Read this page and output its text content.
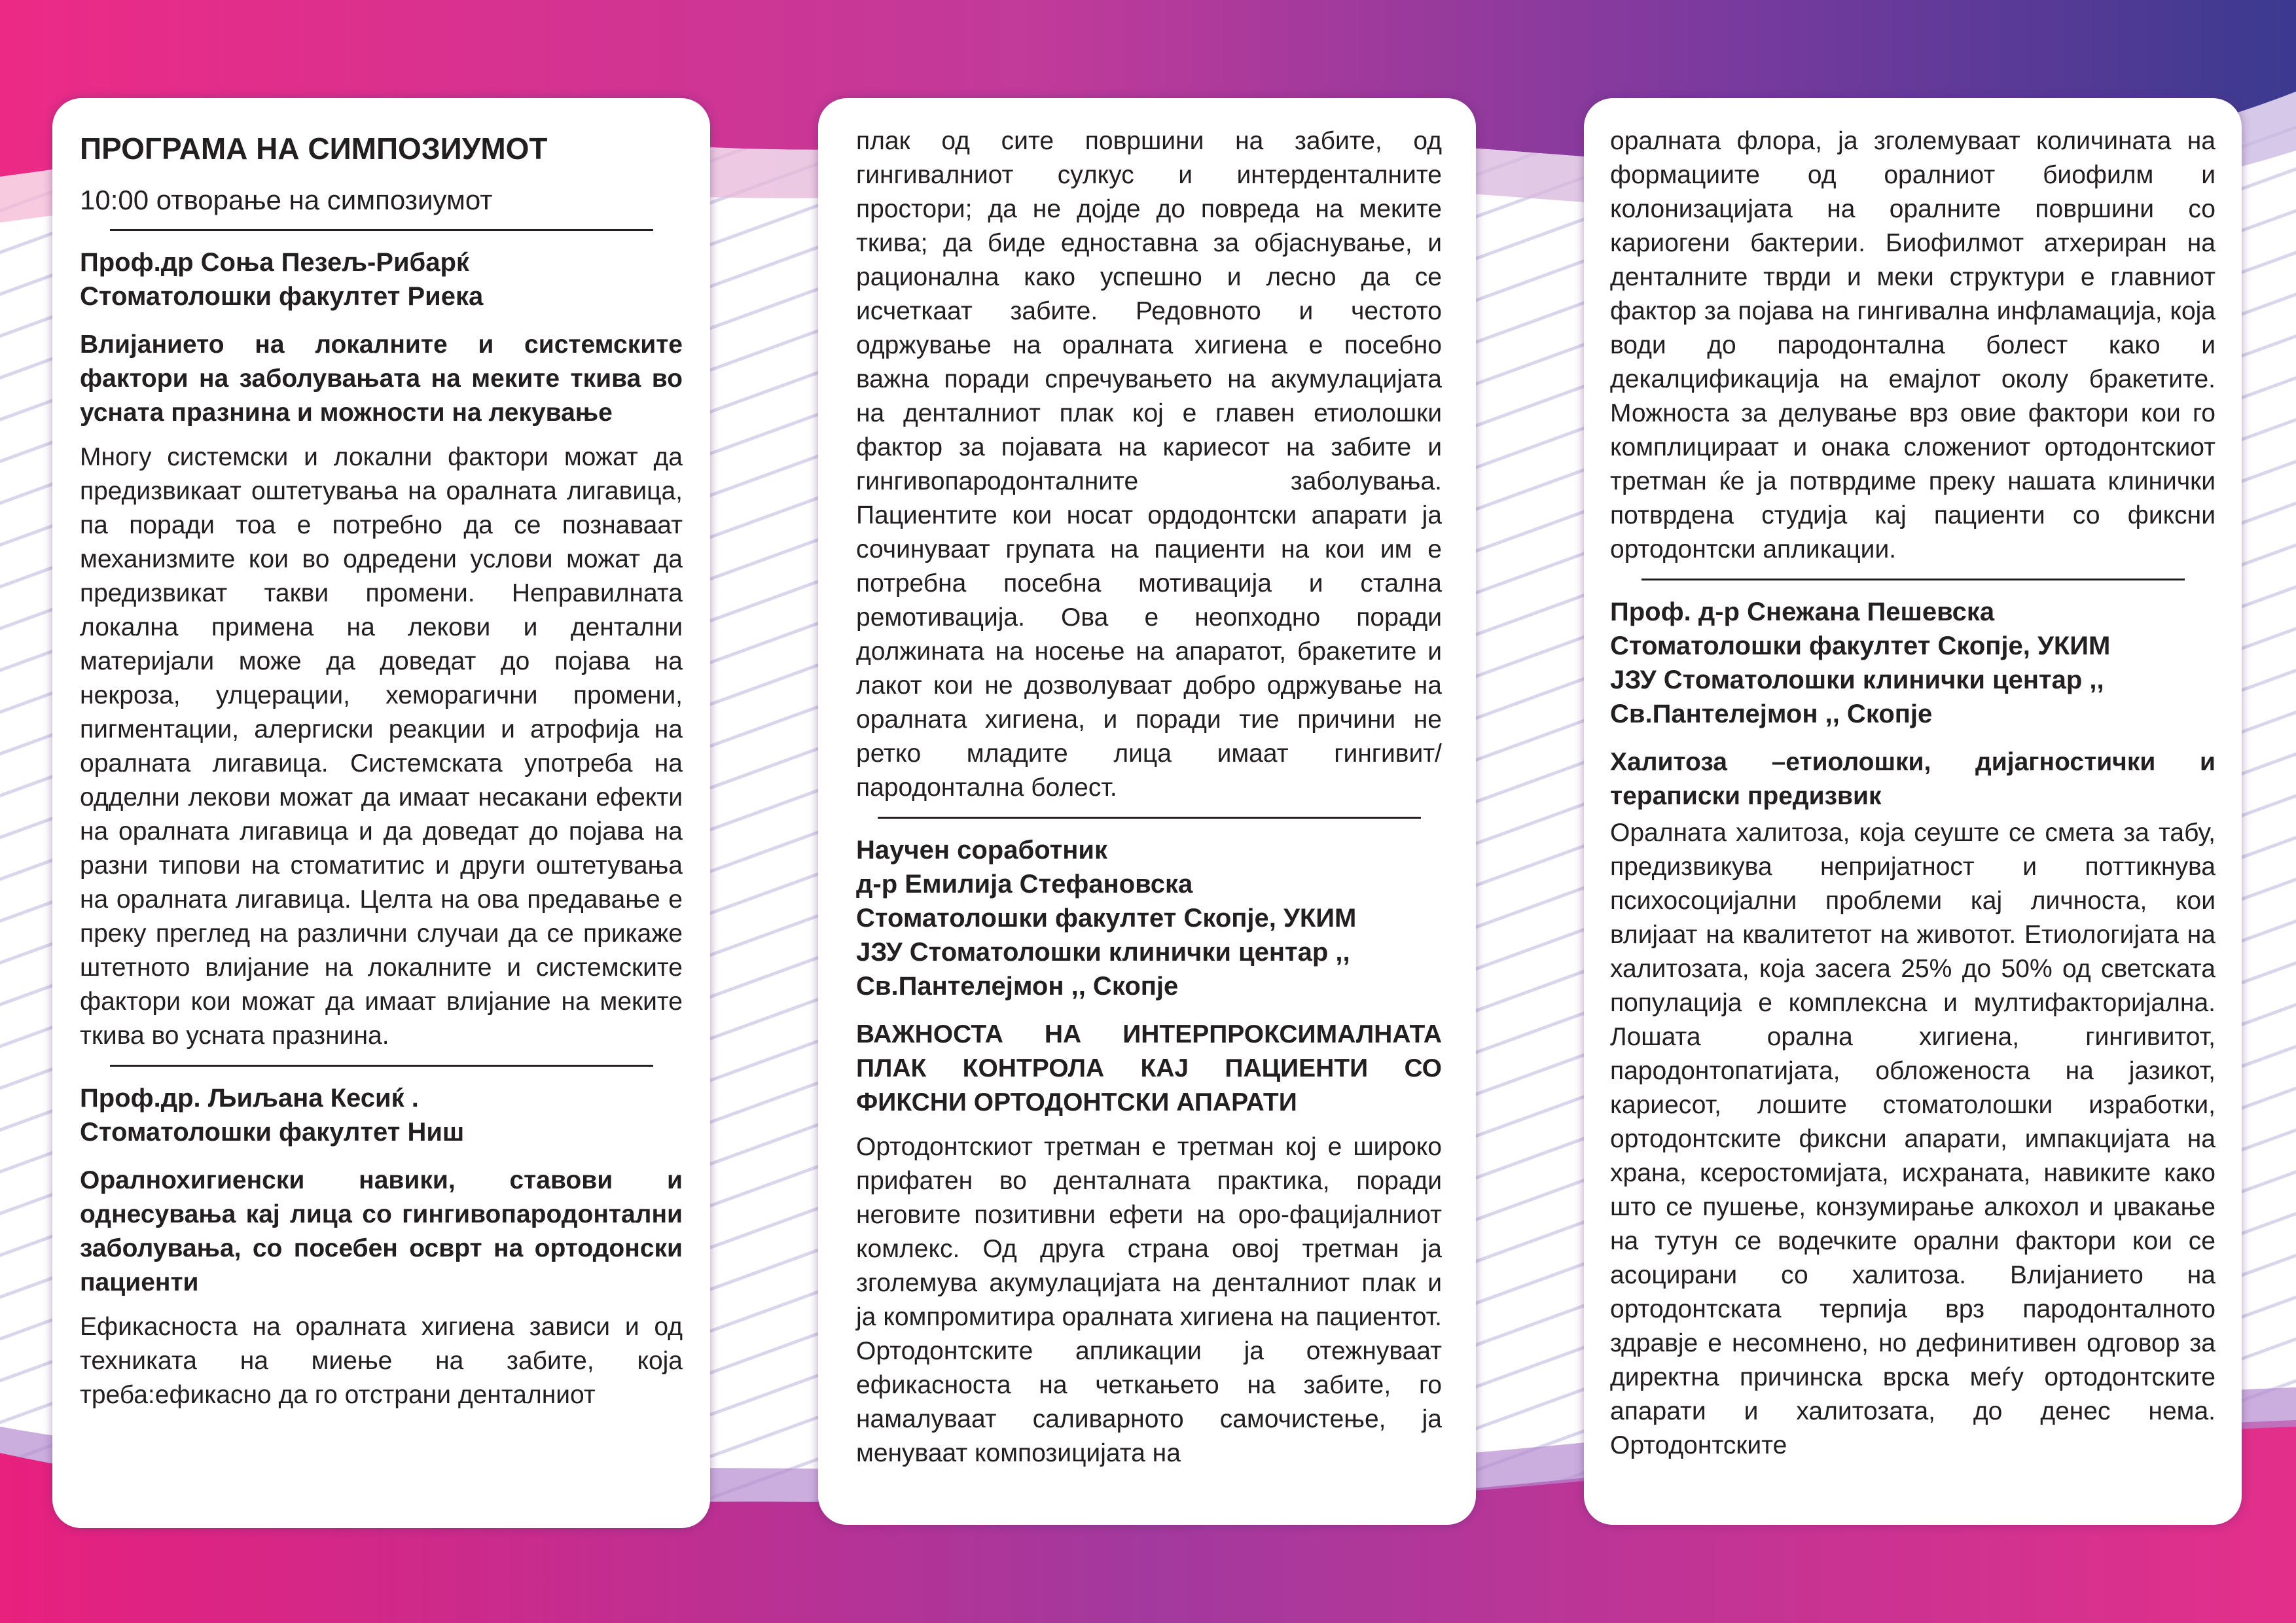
ПРОГРАМА НА СИМПОЗИУМОТ
10:00 отворање на симпозиумот
Проф.др Соња Пезељ-Рибарќ
Стоматолошки факултет Риека
Влијанието на локалните и системските фактори на заболувањата на меките ткива во усната празнина и можности на лекување
Многу системски и локални фактори можат да предизвикаат оштетувања на оралната лигавица, па поради тоа е потребно да се познаваат механизмите кои во одредени услови можат да предизвикат такви промени. Неправилната локална примена на лекови и дентални материјали може да доведат до појава на некроза, улцерации, хеморагични промени, пигментации, алергиски реакции и атрофија на оралната лигавица. Системската употреба на одделни лекови можат да имаат несакани ефекти на оралната лигавица и да доведат до појава на разни типови на стоматитис и други оштетувања на оралната лигавица. Целта на ова предавање е преку преглед на различни случаи да се прикаже штетното влијание на локалните и системските фактори кои можат да имаат влијание на меките ткива во усната празнина.
Проф.др. Љиљана Кесиќ .
Стоматолошки факултет Ниш
Оралнохигиенски навики, ставови и однесувања кај лица со гингивопародонтални заболувања, со посебен осврт на ортодонски пациенти
Ефикасноста на оралната хигиена зависи и од техниката на миење на забите, која треба:ефикасно да го отстрани денталниот
плак од сите површини на забите, од гингивалниот сулкус и интерденталните простори; да не дојде до повреда на меките ткива; да биде едноставна за објаснување, и рационална како успешно и лесно да се исчеткаат забите. Редовното и честото одржување на оралната хигиена е посебно важна поради спречувањето на акумулацијата на денталниот плак кој е главен етиолошки фактор за појавата на кариесот на забите и гингивопародонталните заболувања. Пациентите кои носат ордодонтски апарати ја сочинуваат групата на пациенти на кои им е потребна посебна мотивација и стална ремотивација. Ова е неопходно поради должината на носење на апаратот, бракетите и лакот кои не дозволуваат добро одржување на оралната хигиена, и поради тие причини не ретко младите лица имаат гингивит/пародонтална болест.
Научен соработник
д-р Емилија Стефановска
Стоматолошки факултет Скопје, УКИМ
ЈЗУ Стоматолошки клинички центар ,, Св.Пантелејмон ,, Скопје
ВАЖНОСТА НА ИНТЕРПРОКСИМАЛНАТА ПЛАК КОНТРОЛА КАЈ ПАЦИЕНТИ СО ФИКСНИ ОРТОДОНТСКИ АПАРАТИ
Ортодонтскиот третман е третман кој е широко прифатен во денталната практика, поради неговите позитивни ефети на оро-фацијалниот комлекс. Од друга страна овој третман ја зголемува акумулацијата на денталниот плак и ја компромитира оралната хигиена на пациентот. Ортодонтските апликации ја отежнуваат ефикасноста на четкањето на забите, го намалуваат саливарното самочистење, ја менуваат композицијата на
оралната флора, ја зголемуваат количината на формациите од оралниот биофилм и колонизацијата на оралните површини со кариогени бактерии. Биофилмот атхериран на денталните тврди и меки структури е главниот фактор за појава на гингивална инфламација, која води до пародонтална болест како и декалцификација на емајлот околу бракетите. Можноста за делување врз овие фактори кои го комплицираат и онака сложениот ортодонтскиот третман ќе ја потврдиме преку нашата клинички потврдена студија кај пациенти со фиксни ортодонтски апликации.
Проф. д-р Снежана Пешевска
Стоматолошки факултет Скопје, УКИМ
ЈЗУ Стоматолошки клинички центар ,, Св.Пантелејмон ,, Скопје
Халитоза –етиолошки, дијагностички и тераписки предизвик
Оралната халитоза, која сеуште се смета за табу, предизвикува непријатност и поттикнува психосоцијални проблеми кај личноста, кои влијаат на квалитетот на животот. Етиологијата на халитозата, која засега 25% до 50% од светската популација е комплексна и мултифакторијална. Лошата орална хигиена, гингивитот, пародонтопатијата, обложеноста на јазикот, кариесот, лошите стоматолошки изработки, ортодонтските фиксни апарати, импакцијата на храна, ксеростомијата, исхраната, навиките како што се пушење, конзумирање алкохол и џвакање на тутун се водечките орални фактори кои се асоцирани со халитоза. Влијанието на ортодонтската терпија врз пародонталното здравје е несомнено, но дефинитивен одговор за директна причинска врска меѓу ортодонтските апарати и халитозата, до денес нема. Ортодонтските
